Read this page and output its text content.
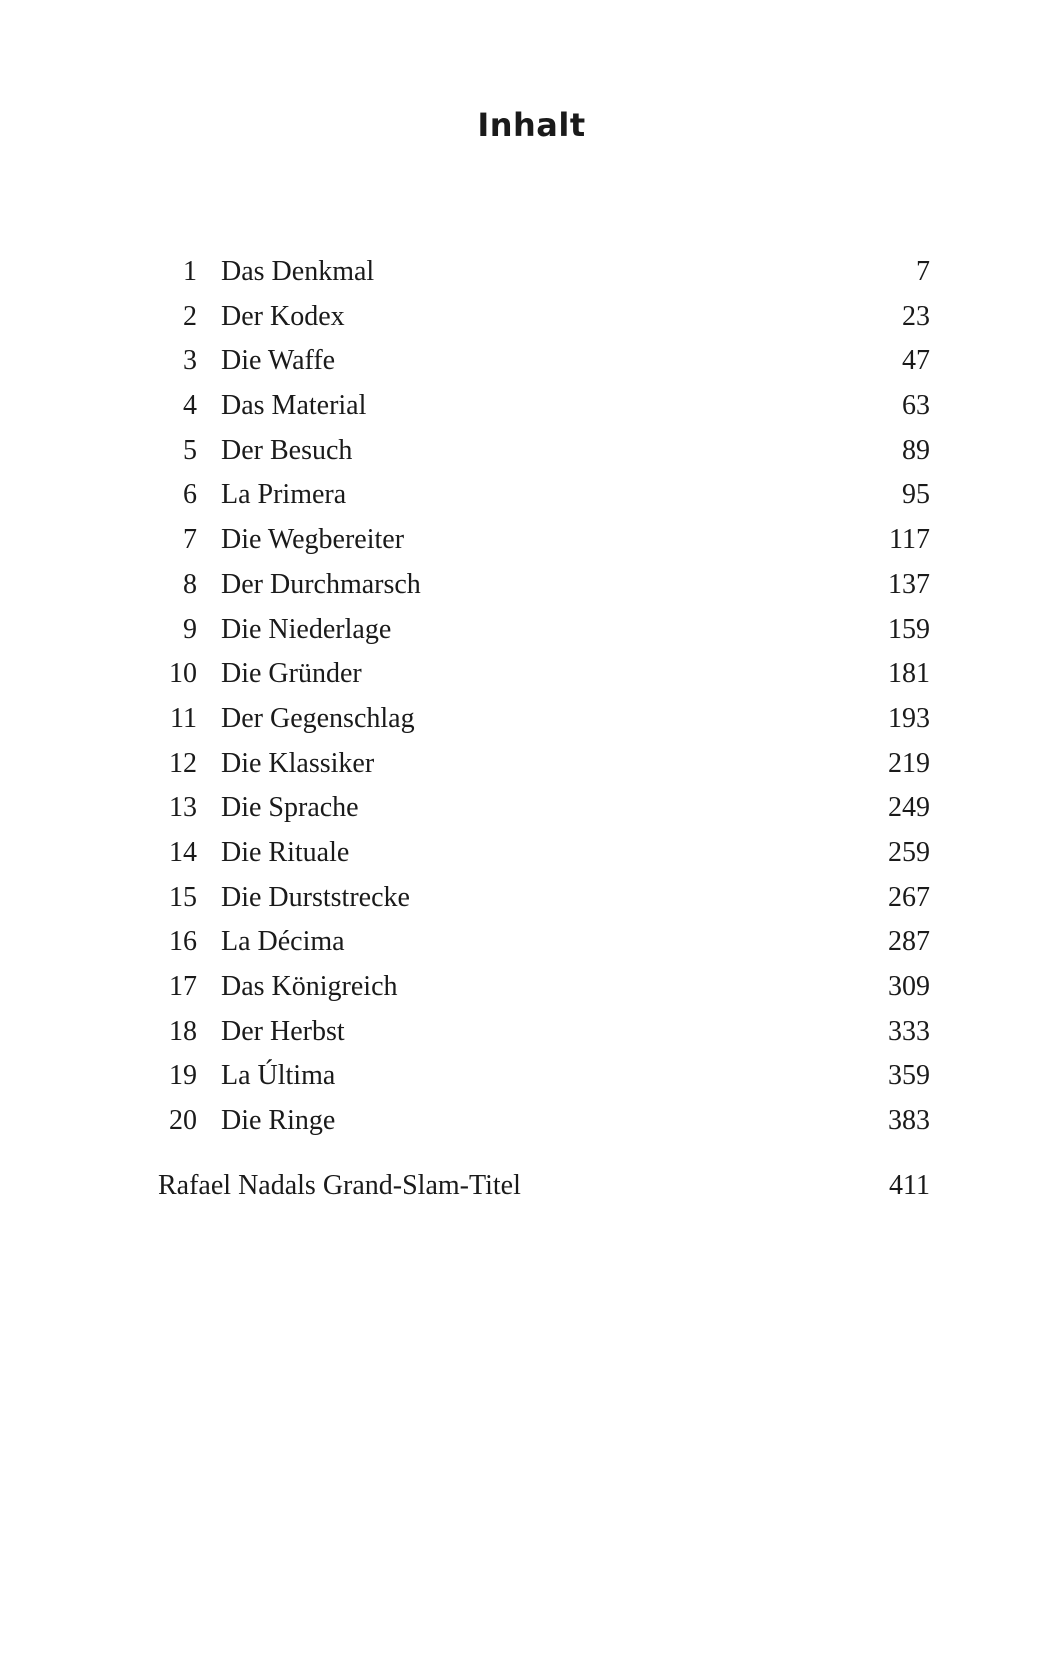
Inhalt
1 Das Denkmal	7
2 Der Kodex	23
3 Die Waffe	47
4 Das Material	63
5 Der Besuch	89
6 La Primera	95
7 Die Wegbereiter	117
8 Der Durchmarsch	137
9 Die Niederlage	159
10 Die Gründer	181
11 Der Gegenschlag	193
12 Die Klassiker	219
13 Die Sprache	249
14 Die Rituale	259
15 Die Durststrecke	267
16 La Décima	287
17 Das Königreich	309
18 Der Herbst	333
19 La Última	359
20 Die Ringe	383
Rafael Nadals Grand-Slam-Titel	411
